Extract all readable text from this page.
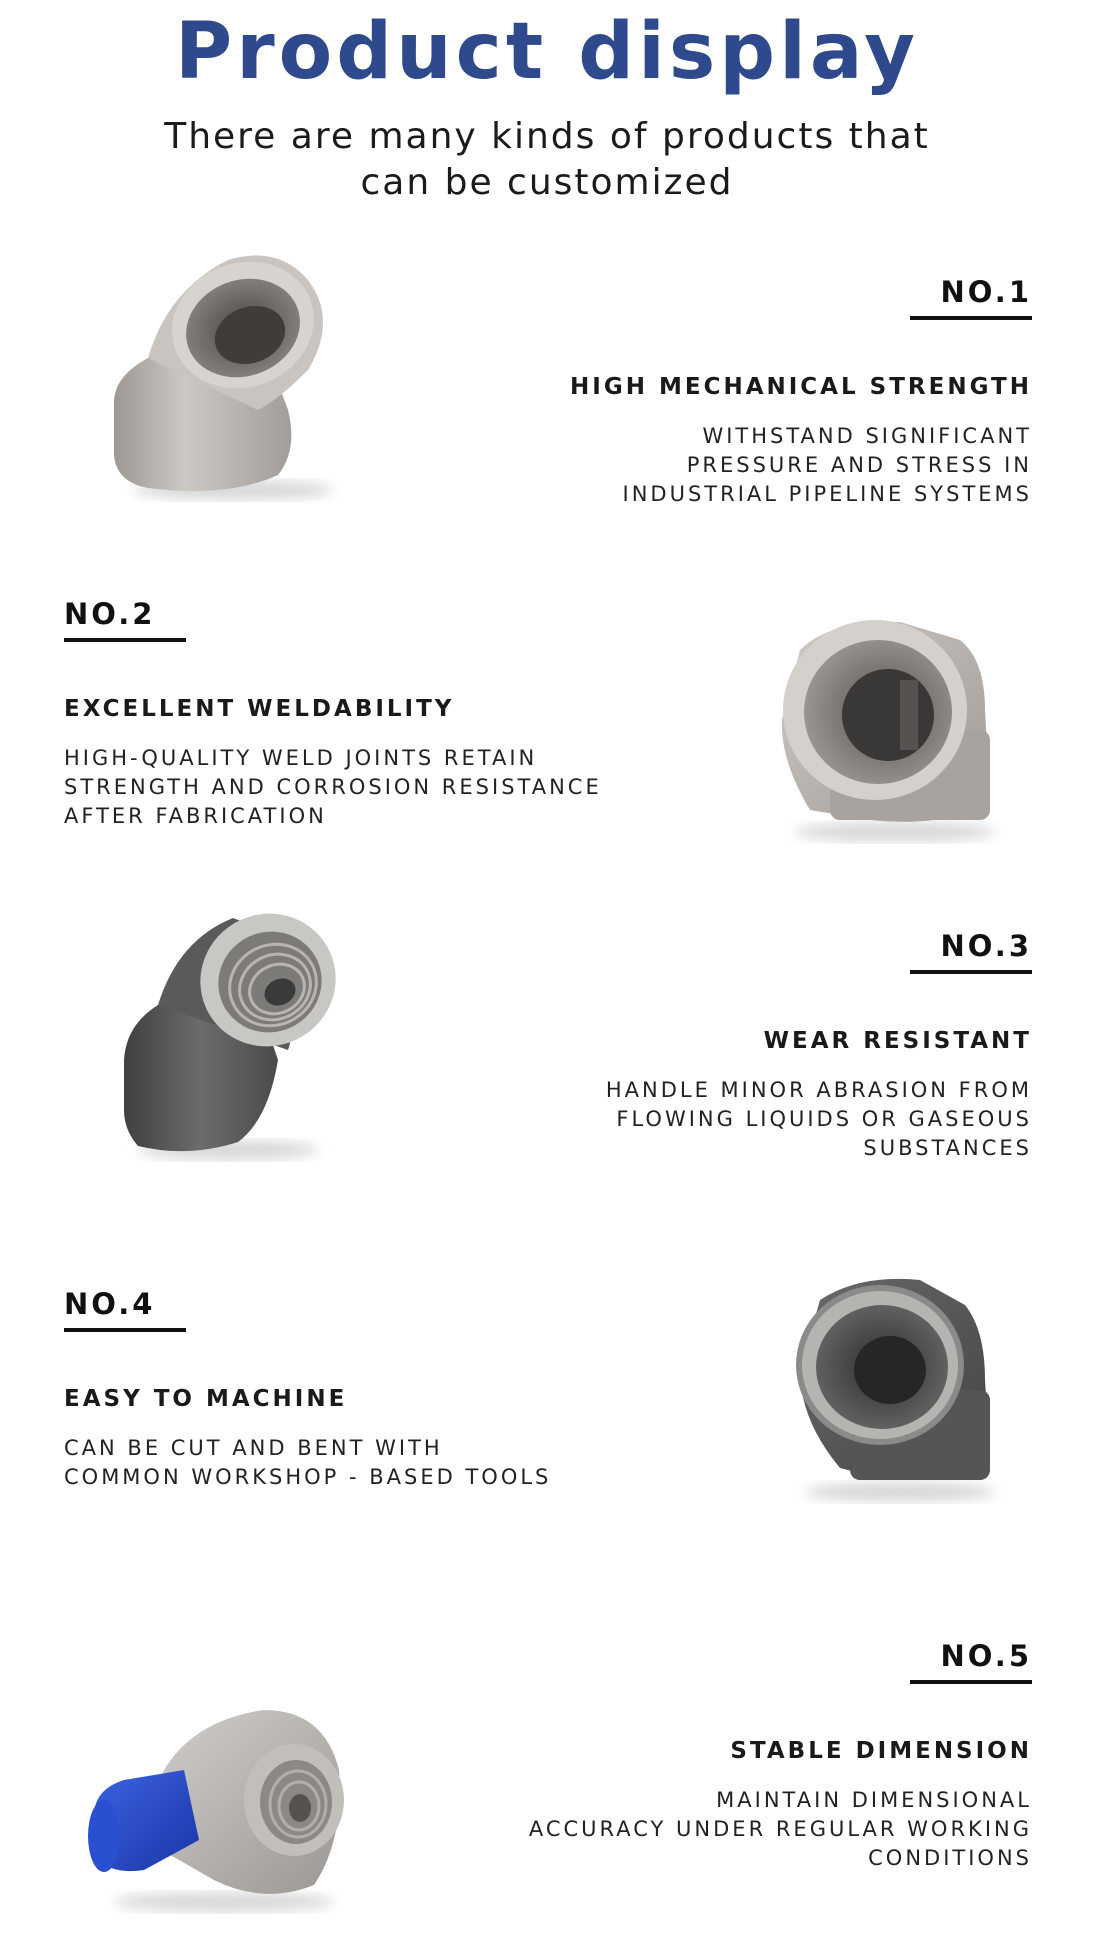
Product display

There are many kinds of products that can be customized

NO.1

HIGH MECHANICAL STRENGTH

WITHSTAND SIGNIFICANT
PRESSURE AND STRESS IN
INDUSTRIAL PIPELINE SYSTEMS

NO.2

EXCELLENT WELDABILITY

HIGH-QUALITY WELD JOINTS RETAIN
STRENGTH AND CORROSION RESISTANCE
AFTER FABRICATION

NO.3

WEAR RESISTANT

HANDLE MINOR ABRASION FROM
FLOWING LIQUIDS OR GASEOUS
SUBSTANCES

NO.4

EASY TO MACHINE

CAN BE CUT AND BENT WITH
COMMON WORKSHOP - BASED TOOLS

NO.5

STABLE DIMENSION

MAINTAIN DIMENSIONAL
ACCURACY UNDER REGULAR WORKING
CONDITIONS
